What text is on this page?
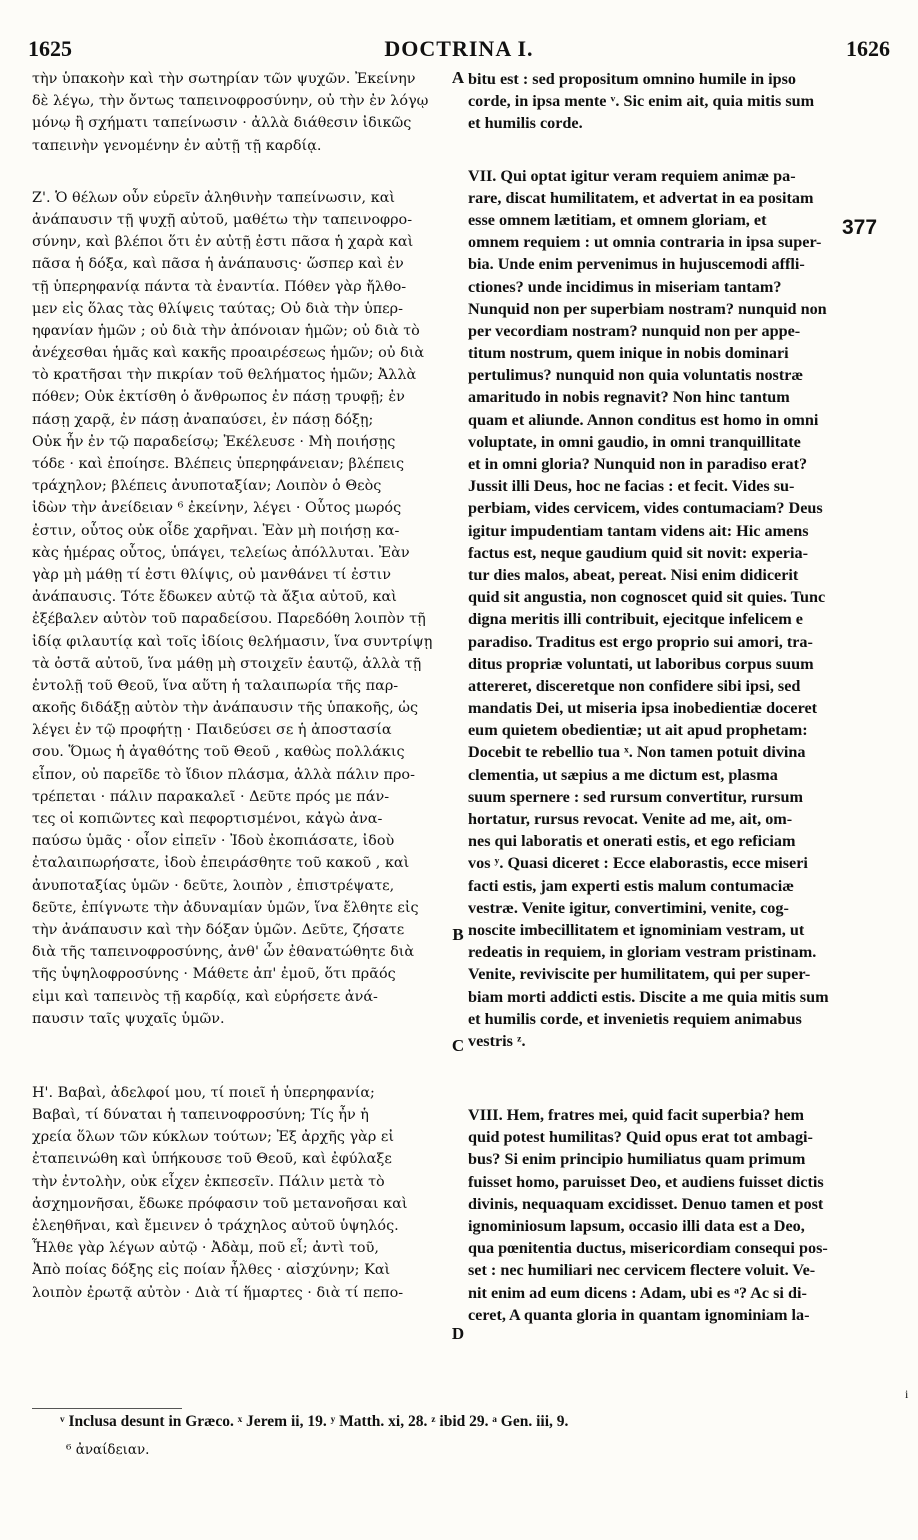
1625	DOCTRINA I.	1626
τὴν ὑπακοὴν καὶ τὴν σωτηρίαν τῶν ψυχῶν. Ἐκείνην
δὲ λέγω, τὴν ὄντως ταπεινοφροσύνην, οὐ τὴν ἐν λόγῳ
μόνῳ ἢ σχήματι ταπείνωσιν · ἀλλὰ διάθεσιν ἰδικῶς
ταπεινὴν γενομένην ἐν αὐτῇ τῇ καρδίᾳ.
Ζ'. Ὁ θέλων οὖν εὑρεῖν ἀληθινὴν ταπείνωσιν, καὶ
ἀνάπαυσιν τῇ ψυχῇ αὐτοῦ, μαθέτω τὴν ταπεινοφρο-
σύνην, καὶ βλέποι ὅτι ἐν αὐτῇ ἐστι πᾶσα ἡ χαρὰ καὶ
πᾶσα ἡ δόξα, καὶ πᾶσα ἡ ἀνάπαυσις· ὥσπερ καὶ ἐν
τῇ ὑπερηφανίᾳ πάντα τὰ ἐναντία. Πόθεν γὰρ ἤλθο-
μεν εἰς ὅλας τὰς θλίψεις ταύτας; Οὐ διὰ τὴν ὑπερ-
ηφανίαν ἡμῶν ; οὐ διὰ τὴν ἀπόνοιαν ἡμῶν; οὐ διὰ τὸ
ἀνέχεσθαι ἡμᾶς καὶ κακῆς προαιρέσεως ἡμῶν; οὐ διὰ
τὸ κρατῆσαι τὴν πικρίαν τοῦ θελήματος ἡμῶν; Ἀλλὰ
πόθεν; Οὐκ ἐκτίσθη ὁ ἄνθρωπος ἐν πάσῃ τρυφῇ; ἐν
πάσῃ χαρᾷ, ἐν πάσῃ ἀναπαύσει, ἐν πάσῃ δόξῃ;
Οὐκ ἦν ἐν τῷ παραδείσῳ; Ἐκέλευσε · Μὴ ποιήσῃς
τόδε · καὶ ἐποίησε. Βλέπεις ὑπερηφάνειαν; βλέπεις
τράχηλον; βλέπεις ἀνυποταξίαν; Λοιπὸν ὁ Θεὸς
ἰδὼν τὴν ἀνείδειαν ⁶ ἐκείνην, λέγει · Οὗτος μωρός
ἐστιν, οὗτος οὐκ οἶδε χαρῆναι. Ἐὰν μὴ ποιήσῃ κα-
κὰς ἡμέρας οὗτος, ὑπάγει, τελείως ἀπόλλυται. Ἐὰν
γὰρ μὴ μάθῃ τί ἐστι θλίψις, οὐ μανθάνει τί ἐστιν
ἀνάπαυσις. Τότε ἔδωκεν αὐτῷ τὰ ἄξια αὐτοῦ, καὶ
ἐξέβαλεν αὐτὸν τοῦ παραδείσου. Παρεδόθη λοιπὸν τῇ
ἰδίᾳ φιλαυτίᾳ καὶ τοῖς ἰδίοις θελήμασιν, ἵνα συντρίψῃ
τὰ ὀστᾶ αὐτοῦ, ἵνα μάθῃ μὴ στοιχεῖν ἑαυτῷ, ἀλλὰ τῇ
ἐντολῇ τοῦ Θεοῦ, ἵνα αὕτη ἡ ταλαιπωρία τῆς παρ-
ακοῆς διδάξῃ αὐτὸν τὴν ἀνάπαυσιν τῆς ὑπακοῆς, ὡς
λέγει ἐν τῷ προφήτῃ · Παιδεύσει σε ἡ ἀποστασία
σου. Ὅμως ἡ ἀγαθότης τοῦ Θεοῦ , καθὼς πολλάκις
εἶπον, οὐ παρεῖδε τὸ ἴδιον πλάσμα, ἀλλὰ πάλιν προ-
τρέπεται · πάλιν παρακαλεῖ · Δεῦτε πρός με πάν-
τες οἱ κοπιῶντες καὶ πεφορτισμένοι, κἀγὼ ἀνα-
παύσω ὑμᾶς · οἷον εἰπεῖν · Ἰδοὺ ἐκοπιάσατε, ἰδοὺ
ἐταλαιπωρήσατε, ἰδοὺ ἐπειράσθητε τοῦ κακοῦ , καὶ
ἀνυποταξίας ὑμῶν · δεῦτε, λοιπὸν , ἐπιστρέψατε,
δεῦτε, ἐπίγνωτε τὴν ἀδυναμίαν ὑμῶν, ἵνα ἔλθητε εἰς
τὴν ἀνάπαυσιν καὶ τὴν δόξαν ὑμῶν. Δεῦτε, ζήσατε
διὰ τῆς ταπεινοφροσύνης, ἀνθ' ὧν ἐθανατώθητε διὰ
τῆς ὑψηλοφροσύνης · Μάθετε ἀπ' ἐμοῦ, ὅτι πρᾶός
εἰμι καὶ ταπεινὸς τῇ καρδίᾳ, καὶ εὑρήσετε ἀνά-
παυσιν ταῖς ψυχαῖς ὑμῶν.
Η'. Βαβαὶ, ἀδελφοί μου, τί ποιεῖ ἡ ὑπερηφανία;
Βαβαὶ, τί δύναται ἡ ταπεινοφροσύνη; Τίς ἦν ἡ
χρεία ὅλων τῶν κύκλων τούτων; Ἐξ ἀρχῆς γὰρ εἰ
ἐταπεινώθη καὶ ὑπήκουσε τοῦ Θεοῦ, καὶ ἐφύλαξε
τὴν ἐντολὴν, οὐκ εἶχεν ἐκπεσεῖν. Πάλιν μετὰ τὸ
ἀσχημονῆσαι, ἔδωκε πρόφασιν τοῦ μετανοῆσαι καὶ
ἐλεηθῆναι, καὶ ἔμεινεν ὁ τράχηλος αὐτοῦ ὑψηλός.
Ἦλθε γὰρ λέγων αὐτῷ · Ἀδὰμ, ποῦ εἶ; ἀντὶ τοῦ,
Ἀπὸ ποίας δόξης εἰς ποίαν ἦλθες · αἰσχύνην; Καὶ
λοιπὸν ἐρωτᾷ αὐτὸν · Διὰ τί ἥμαρτες · διὰ τί πεπο-
bitu est : sed propositum omnino humile in ipso
corde, in ipsa mente ᵛ. Sic enim ait, quia mitis sum
et humilis corde.
VII. Qui optat igitur veram requiem animæ pa-
rare, discat humilitatem, et advertat in ea positam
esse omnem lætitiam, et omnem gloriam, et
omnem requiem : ut omnia contraria in ipsa super-
bia. Unde enim pervenimus in hujuscemodi affli-
ctiones? unde incidimus in miseriam tantam?
Nunquid non per superbiam nostram? nunquid non
per vecordiam nostram? nunquid non per appe-
titum nostrum, quem inique in nobis dominari
pertulimus? nunquid non quia voluntatis nostræ
amaritudo in nobis regnavit? Non hinc tantum
quam et aliunde. Annon conditus est homo in omni
voluptate, in omni gaudio, in omni tranquillitate
et in omni gloria? Nunquid non in paradiso erat?
Jussit illi Deus, hoc ne facias : et fecit. Vides su-
perbiam, vides cervicem, vides contumaciam? Deus
igitur impudentiam tantam videns ait: Hic amens
factus est, neque gaudium quid sit novit: experia-
tur dies malos, abeat, pereat. Nisi enim didicerit
quid sit angustia, non cognoscet quid sit quies. Tunc
digna meritis illi contribuit, ejecitque infelicem e
paradiso. Traditus est ergo proprio sui amori, tra-
ditus propriæ voluntati, ut laboribus corpus suum
attereret, disceretque non confidere sibi ipsi, sed
mandatis Dei, ut miseria ipsa inobedientiæ doceret
eum quietem obedientiæ; ut ait apud prophetam:
Docebit te rebellio tua ˣ. Non tamen potuit divina
clementia, ut sæpius a me dictum est, plasma
suum spernere : sed rursum convertitur, rursum
hortatur, rursus revocat. Venite ad me, ait, om-
nes qui laboratis et onerati estis, et ego reficiam
vos ʸ. Quasi diceret : Ecce elaborastis, ecce miseri
facti estis, jam experti estis malum contumaciæ
vestræ. Venite igitur, convertimini, venite, cog-
noscite imbecillitatem et ignominiam vestram, ut
redeatis in requiem, in gloriam vestram pristinam.
Venite, reviviscite per humilitatem, qui per super-
biam morti addicti estis. Discite a me quia mitis sum
et humilis corde, et invenietis requiem animabus
vestris ᶻ.
VIII. Hem, fratres mei, quid facit superbia? hem
quid potest humilitas? Quid opus erat tot ambagi-
bus? Si enim principio humiliatus quam primum
fuisset homo, paruisset Deo, et audiens fuisset dictis
divinis, nequaquam excidisset. Denuo tamen et post
ignominiosum lapsum, occasio illi data est a Deo,
qua pœnitentia ductus, misericordiam consequi pos-
set : nec humiliari nec cervicem flectere voluit. Ve-
nit enim ad eum dicens : Adam, ubi es ᵃ? Ac si di-
ceret, A quanta gloria in quantam ignominiam la-
A
B
C
D
377
i
ᵛ Inclusa desunt in Græco. ˣ Jerem ii, 19. ʸ Matth. xi, 28. ᶻ ibid 29. ᵃ Gen. iii, 9.
⁶ ἀναίδειαν.
